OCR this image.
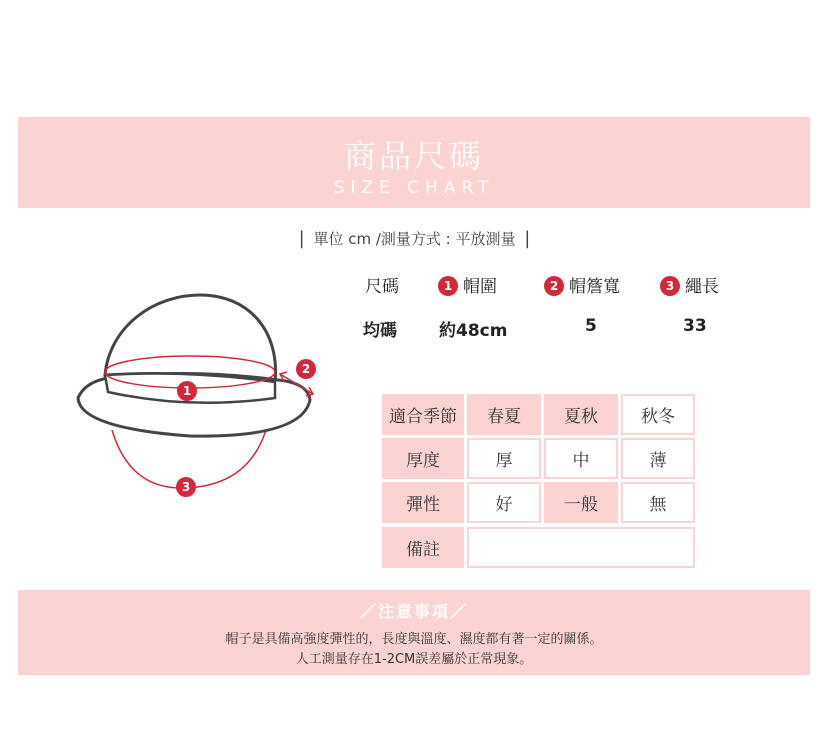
商品尺碼
SIZE CHART
| 單位 cm /測量方式 : 平放測量 |
尺碼	1 帽圍	2 帽簷寬	3 繩長
均碼 約48cm	5	33
1
2
3
適合季節	春夏	夏秋	秋冬
厚度	厚	中	薄
彈性	好	一般	無
備註
／注意事項／
帽子是具備高強度彈性的，長度與溫度、濕度都有著一定的關係。
人工測量存在1-2CM誤差屬於正常現象。
